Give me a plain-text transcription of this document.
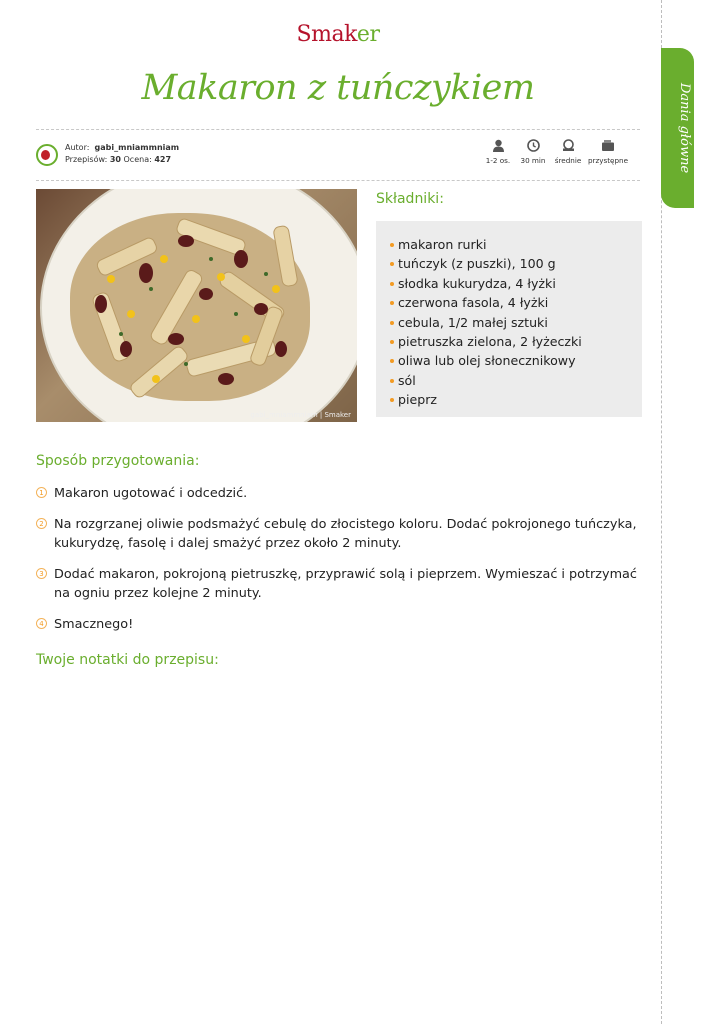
Smaker
Makaron z tuńczykiem	Dania główne
Autor: gabi_mniammniam
Przepisów: 30 Ocena: 427	1-2 os.	30 min	średnie przystępne
gabi_mniammniam | Smaker
Składniki:
makaron rurki
tuńczyk (z puszki), 100 g
słodka kukurydza, 4 łyżki
czerwona fasola, 4 łyżki
cebula, 1/2 małej sztuki
pietruszka zielona, 2 łyżeczki
oliwa lub olej słonecznikowy
sól
pieprz
Sposób przygotowania:
1 Makaron ugotować i odcedzić.
2 Na rozgrzanej oliwie podsmażyć cebulę do złocistego koloru. Dodać pokrojonego tuńczyka, kukurydzę, fasolę i dalej smażyć przez około 2 minuty.
3 Dodać makaron, pokrojoną pietruszkę, przyprawić solą i pieprzem. Wymieszać i potrzymać na ogniu przez kolejne 2 minuty.
4 Smacznego!
Twoje notatki do przepisu:
